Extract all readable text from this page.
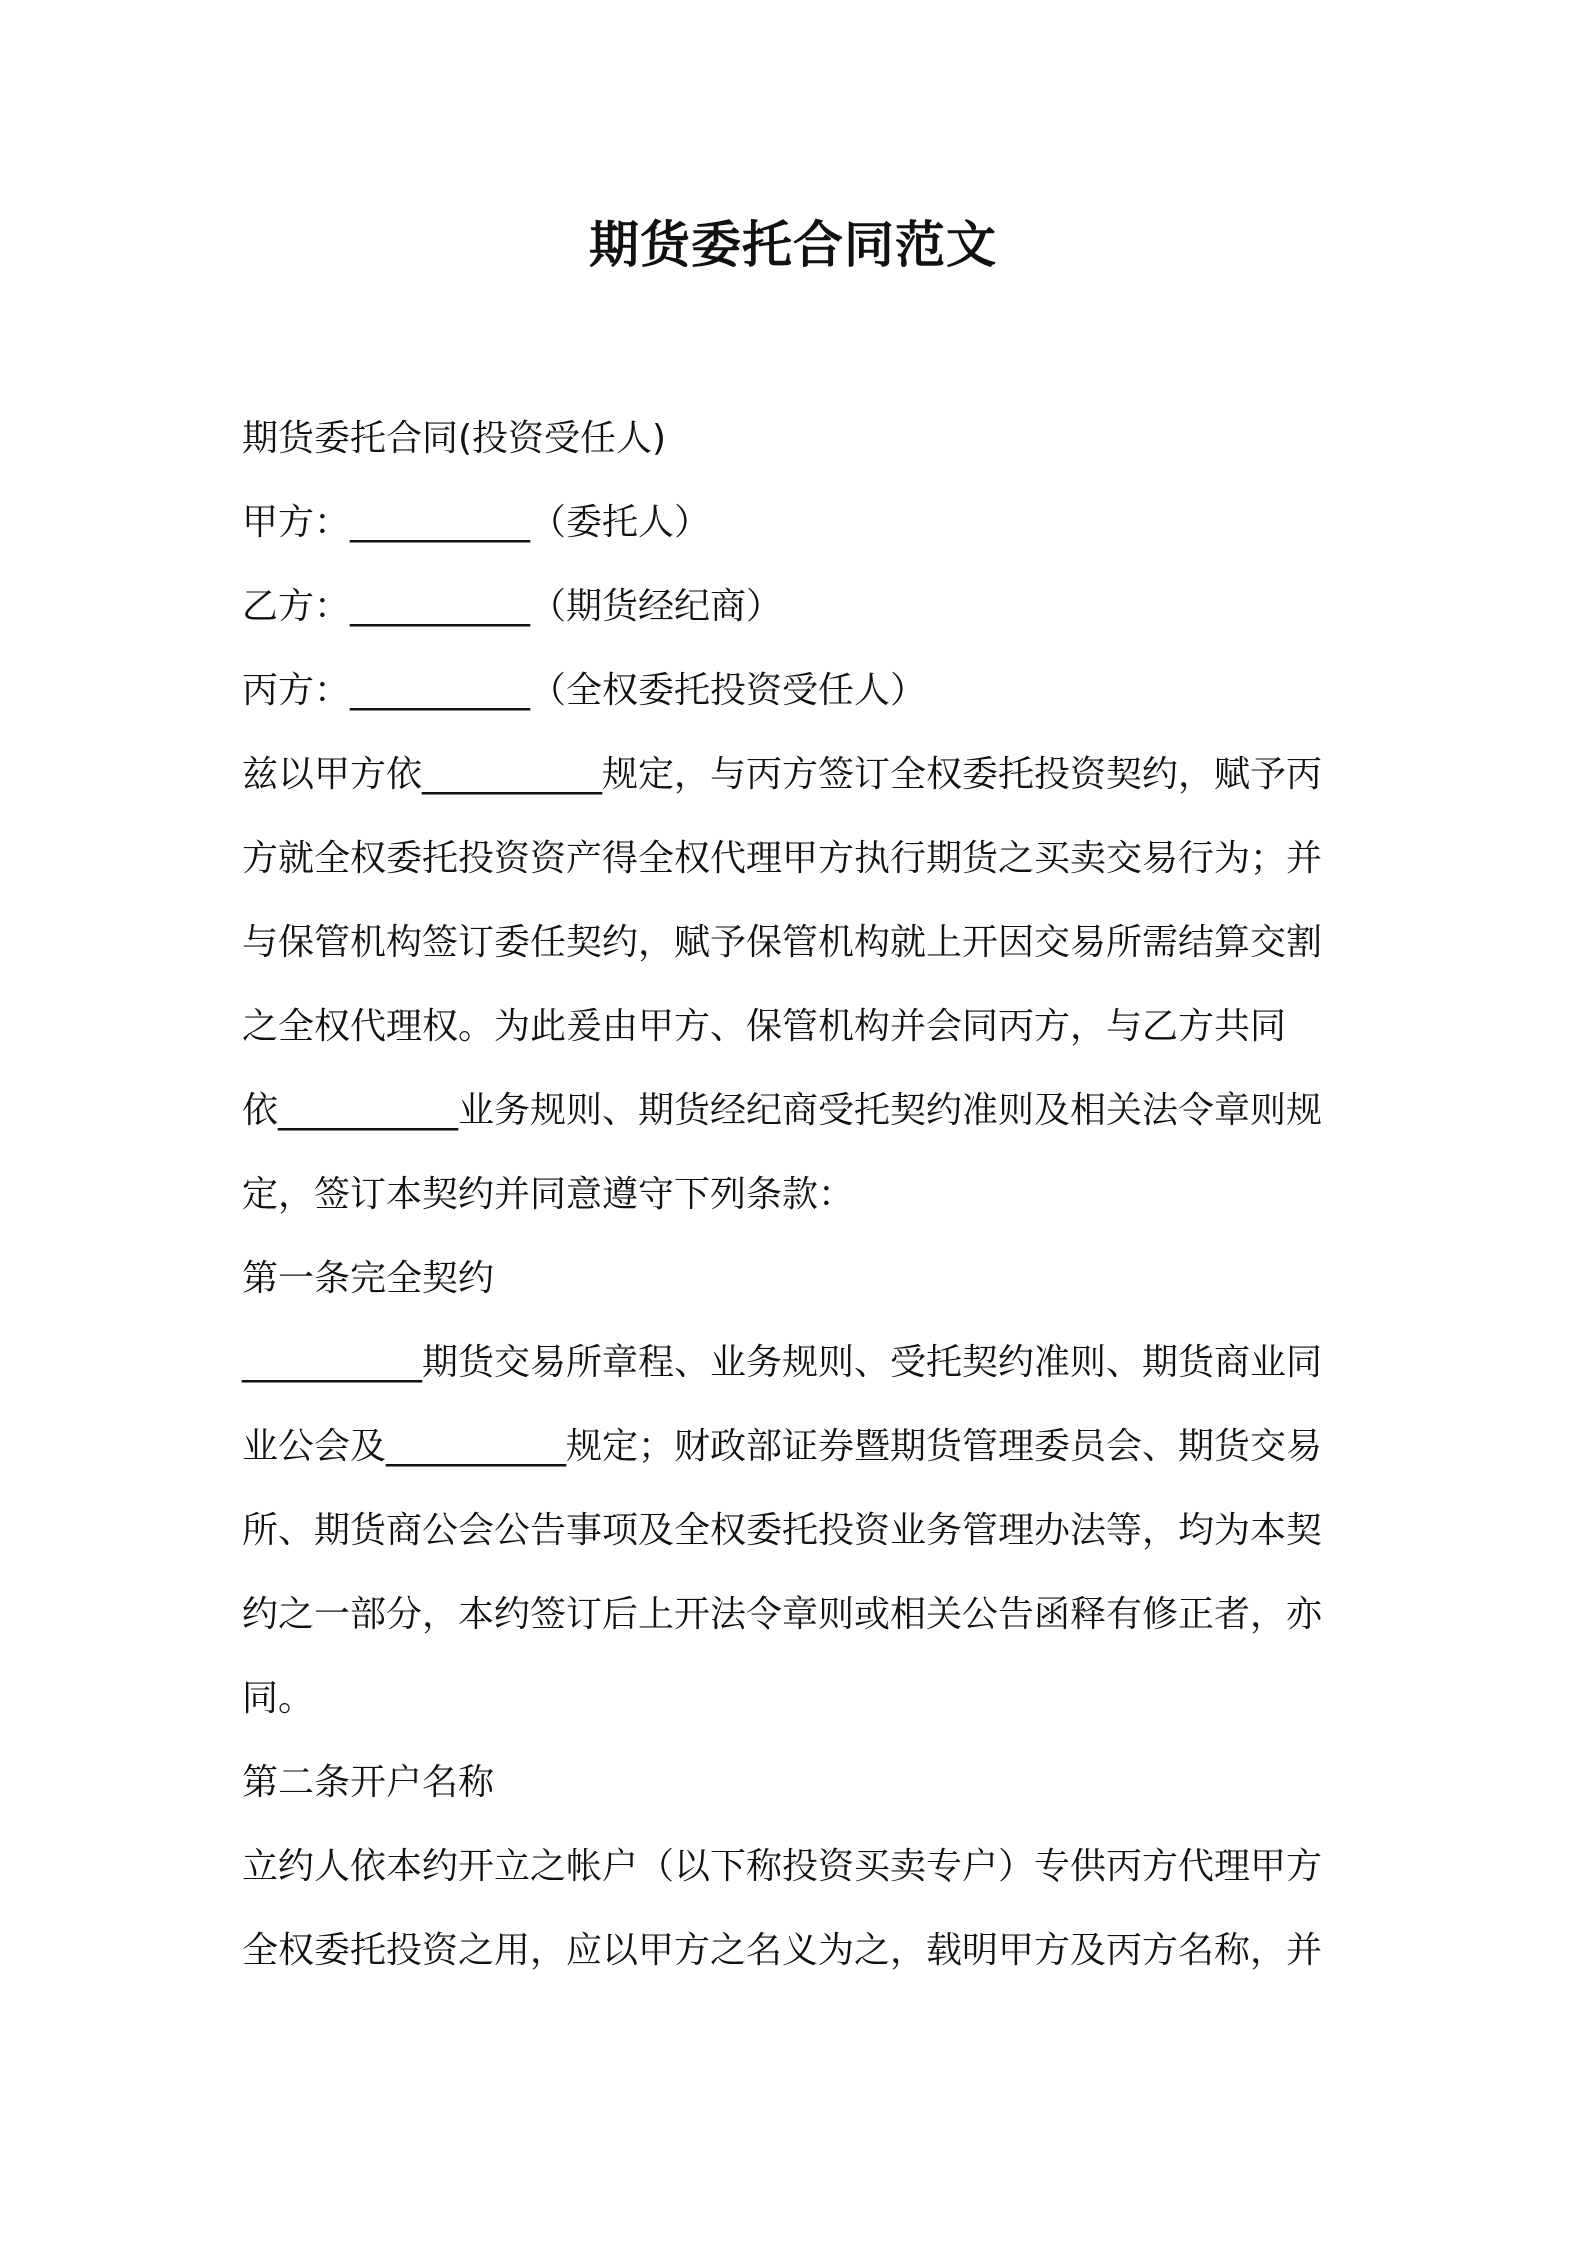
期货委托合同范文
期货委托合同(投资受任人)
甲方：__________（委托人）
乙方：__________（期货经纪商）
丙方：__________（全权委托投资受任人）
兹以甲方依__________规定，与丙方签订全权委托投资契约，赋予丙
方就全权委托投资资产得全权代理甲方执行期货之买卖交易行为；并
与保管机构签订委任契约，赋予保管机构就上开因交易所需结算交割
之全权代理权。为此爰由甲方、保管机构并会同丙方，与乙方共同
依__________业务规则、期货经纪商受托契约准则及相关法令章则规
定，签订本契约并同意遵守下列条款：
第一条完全契约
__________期货交易所章程、业务规则、受托契约准则、期货商业同
业公会及__________规定；财政部证券暨期货管理委员会、期货交易
所、期货商公会公告事项及全权委托投资业务管理办法等，均为本契
约之一部分，本约签订后上开法令章则或相关公告函释有修正者，亦
同。
第二条开户名称
立约人依本约开立之帐户（以下称投资买卖专户）专供丙方代理甲方
全权委托投资之用，应以甲方之名义为之，载明甲方及丙方名称，并
